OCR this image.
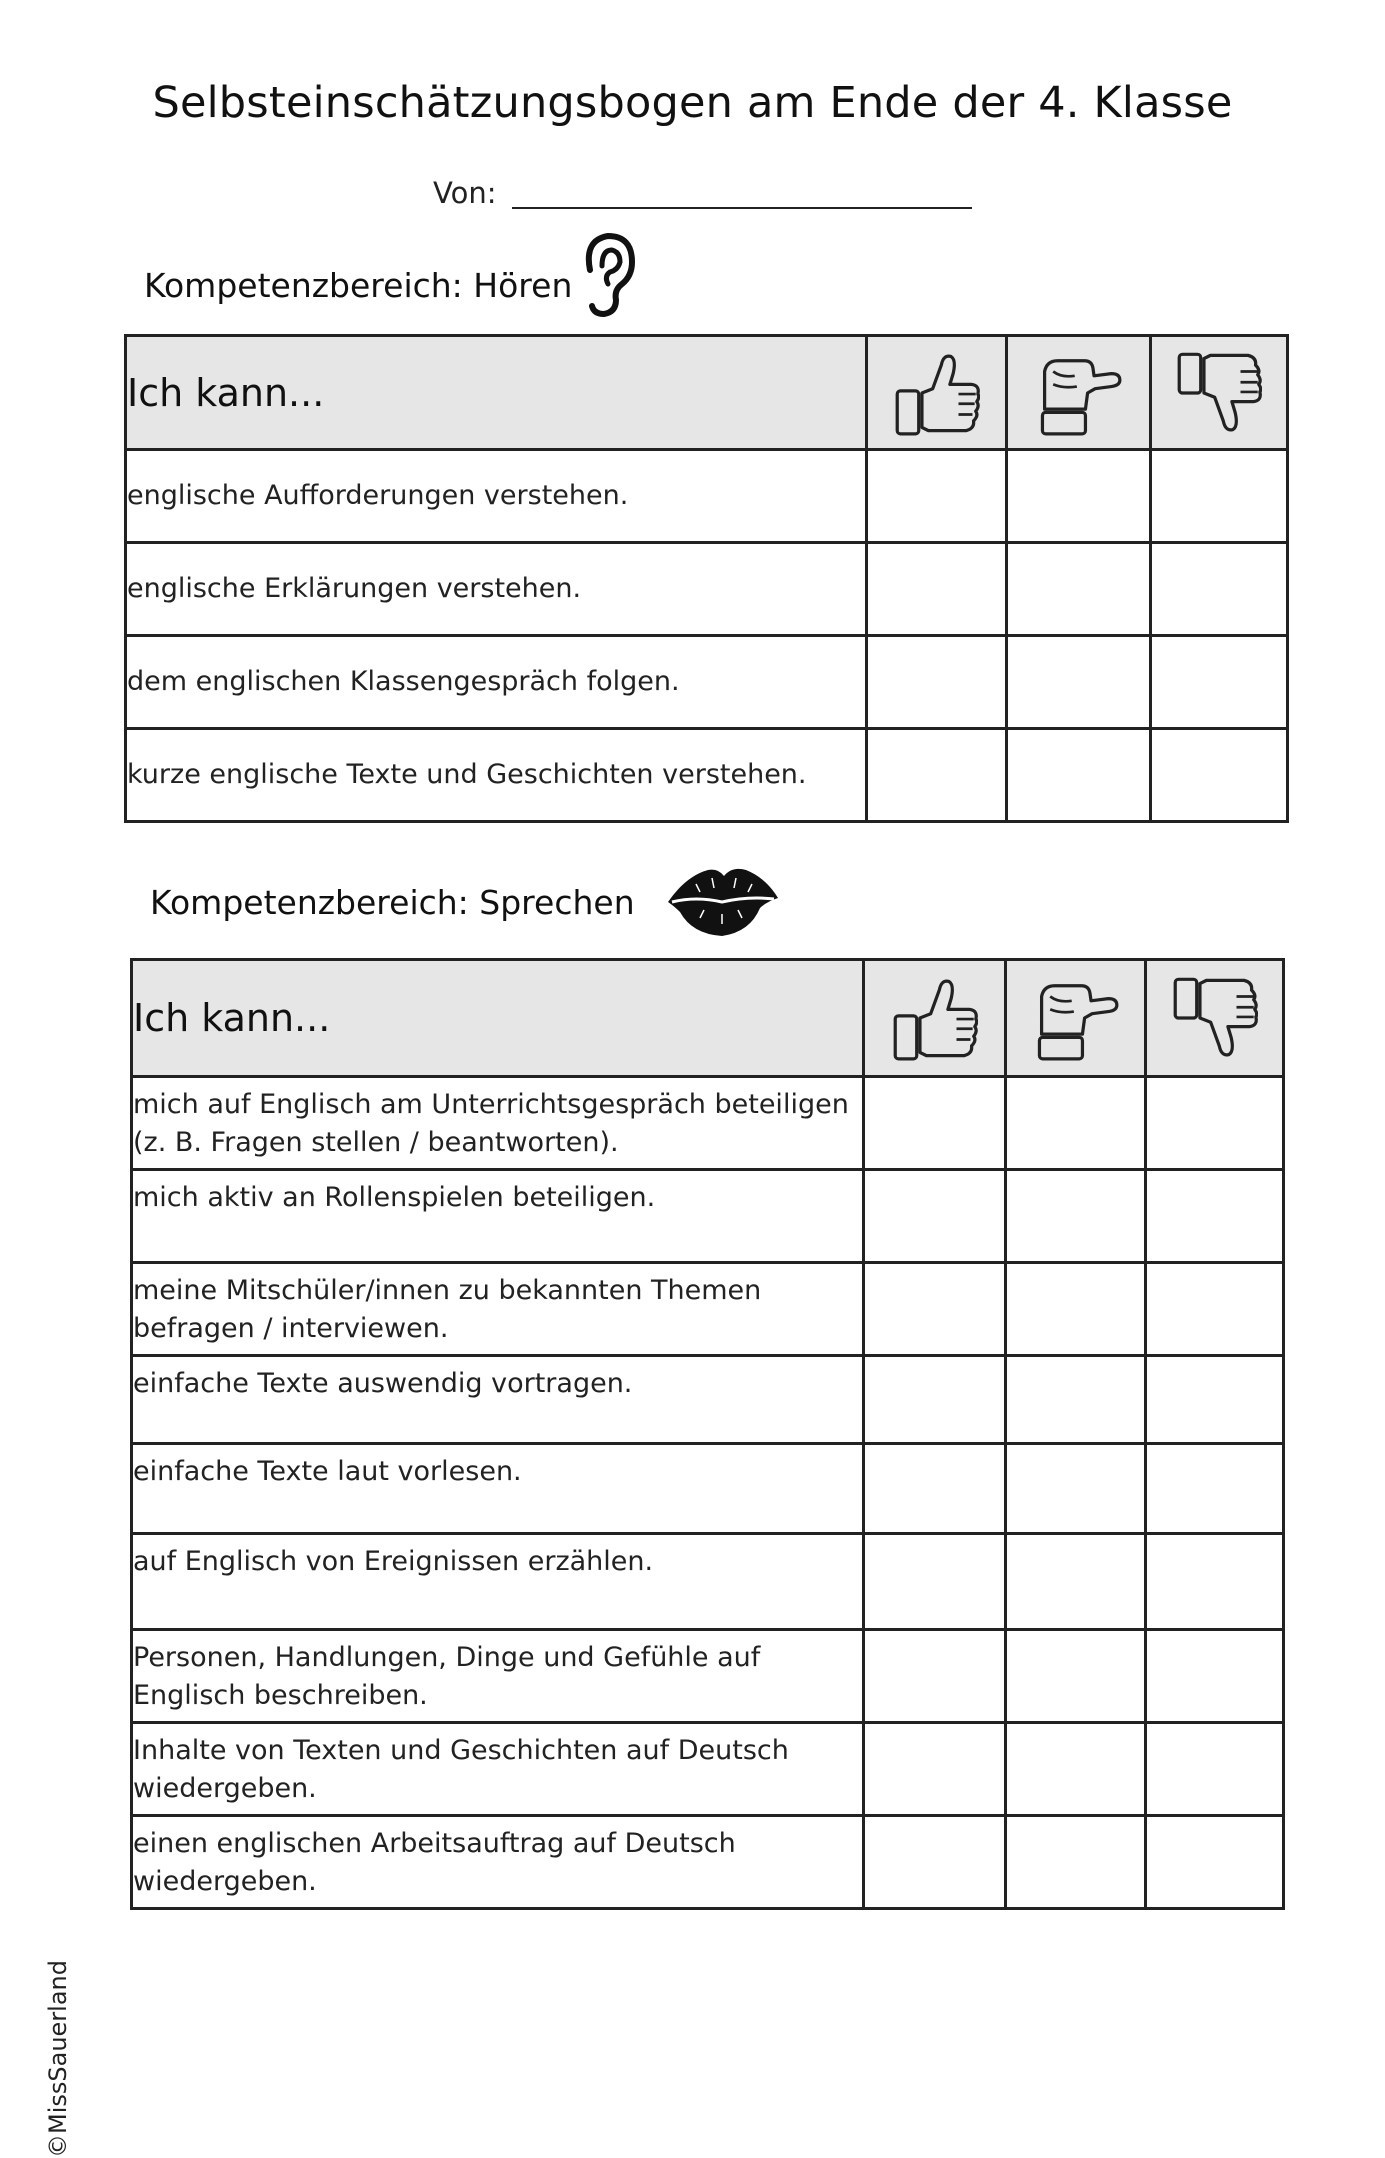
Selbsteinschätzungsbogen am Ende der 4. Klasse
Von:
Kompetenzbereich: Hören
Ich kann...			
englische Aufforderungen verstehen.			
englische Erklärungen verstehen.			
dem englischen Klassengespräch folgen.			
kurze englische Texte und Geschichten verstehen.			
Kompetenzbereich: Sprechen
Ich kann...			
mich auf Englisch am Unterrichtsgespräch beteiligen (z. B. Fragen stellen / beantworten).			
mich aktiv an Rollenspielen beteiligen.			
meine Mitschüler/innen zu bekannten Themen befragen / interviewen.			
einfache Texte auswendig vortragen.			
einfache Texte laut vorlesen.			
auf Englisch von Ereignissen erzählen.			
Personen, Handlungen, Dinge und Gefühle auf Englisch beschreiben.			
Inhalte von Texten und Geschichten auf Deutsch wiedergeben.			
einen englischen Arbeitsauftrag auf Deutsch wiedergeben.			
©MissSauerland
